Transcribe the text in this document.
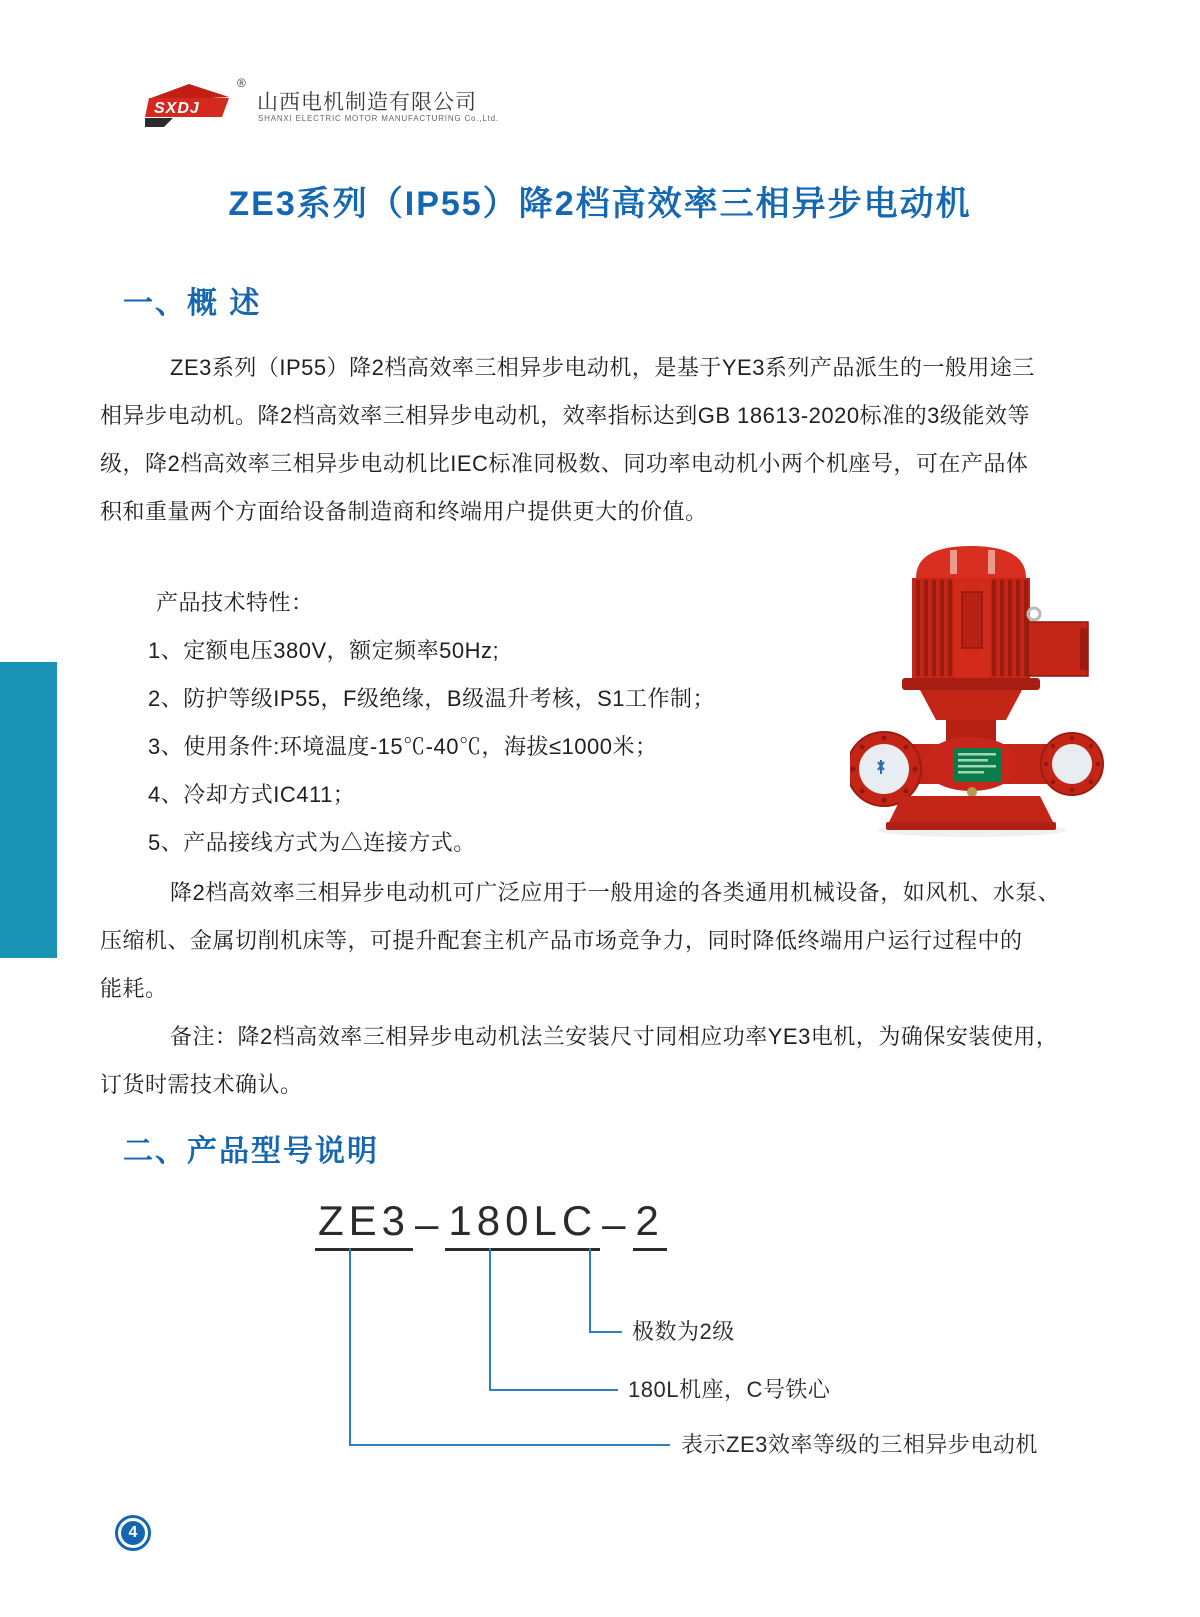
SXDJ
®
山西电机制造有限公司
SHANXI ELECTRIC MOTOR MANUFACTURING Co.,Ltd.
ZE3系列（IP55）降2档高效率三相异步电动机
一、概 述
ZE3系列（IP55）降2档高效率三相异步电动机，是基于YE3系列产品派生的一般用途三
相异步电动机。降2档高效率三相异步电动机，效率指标达到GB 18613-2020标准的3级能效等
级，降2档高效率三相异步电动机比IEC标准同极数、同功率电动机小两个机座号，可在产品体
积和重量两个方面给设备制造商和终端用户提供更大的价值。
产品技术特性：
1、定额电压380V，额定频率50Hz;
2、防护等级IP55，F级绝缘，B级温升考核，S1工作制；
3、使用条件:环境温度-15℃-40℃，海拔≤1000米；
4、冷却方式IC411；
5、产品接线方式为△连接方式。
降2档高效率三相异步电动机可广泛应用于一般用途的各类通用机械设备，如风机、水泵、
压缩机、金属切削机床等，可提升配套主机产品市场竞争力，同时降低终端用户运行过程中的
能耗。
备注：降2档高效率三相异步电动机法兰安装尺寸同相应功率YE3电机，为确保安装使用，
订货时需技术确认。
二、产品型号说明
ZE3 – 180LC – 2
极数为2级
180L机座，C号铁心
表示ZE3效率等级的三相异步电动机
4
